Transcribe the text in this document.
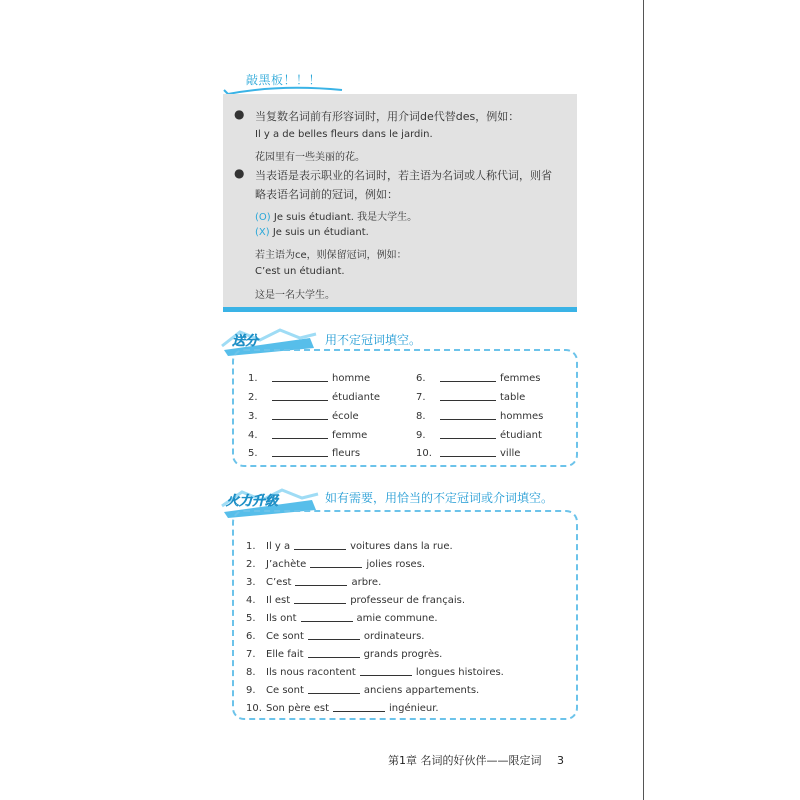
敲黑板！！！
● 当复数名词前有形容词时，用介词de代替des，例如：
Il y a de belles fleurs dans le jardin.
花园里有一些美丽的花。
● 当表语是表示职业的名词时，若主语为名词或人称代词，则省
略表语名词前的冠词，例如：
(O) Je suis étudiant. 我是大学生。
(X) Je suis un étudiant.
若主语为ce，则保留冠词，例如：
C’est un étudiant.
这是一名大学生。
送分	用不定冠词填空。
1.	homme
2.	étudiante
3.	école
4.	femme
5.	fleurs
6.	femmes
7.	table
8.	hommes
9.	étudiant
10.	ville
火力升级	如有需要，用恰当的不定冠词或介词填空。
1.	Il y a	voitures dans la rue.
2.	J’achète	jolies roses.
3.	C’est	arbre.
4.	Il est	professeur de français.
5.	Ils ont	amie commune.
6.	Ce sont	ordinateurs.
7.	Elle fait	grands progrès.
8.	Ils nous racontent	longues histoires.
9.	Ce sont	anciens appartements.
10. Son père est	ingénieur.
第1章 名词的好伙伴——限定词 3
